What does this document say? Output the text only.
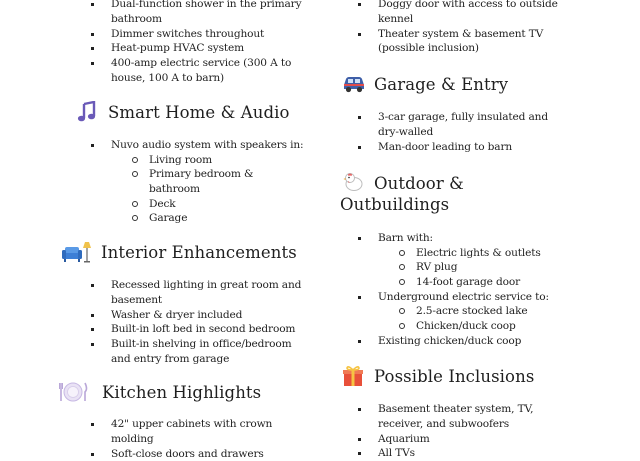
Dual-function shower in the primary bathroom
Dimmer switches throughout
Heat-pump HVAC system
400-amp electric service (300 A to house, 100 A to barn)
Smart Home & Audio
Nuvo audio system with speakers in:
Living room
Primary bedroom & bathroom
Deck
Garage
Interior Enhancements
Recessed lighting in great room and basement
Washer & dryer included
Built-in loft bed in second bedroom
Built-in shelving in office/bedroom and entry from garage
Kitchen Highlights
42" upper cabinets with crown molding
Soft-close doors and drawers
Doggy door with access to outside kennel
Theater system & basement TV (possible inclusion)
Garage & Entry
3-car garage, fully insulated and dry-walled
Man-door leading to barn
Outdoor &
Outbuildings
Barn with:
Electric lights & outlets
RV plug
14-foot garage door
Underground electric service to:
2.5-acre stocked lake
Chicken/duck coop
Existing chicken/duck coop
Possible Inclusions
Basement theater system, TV, receiver, and subwoofers
Aquarium
All TVs
